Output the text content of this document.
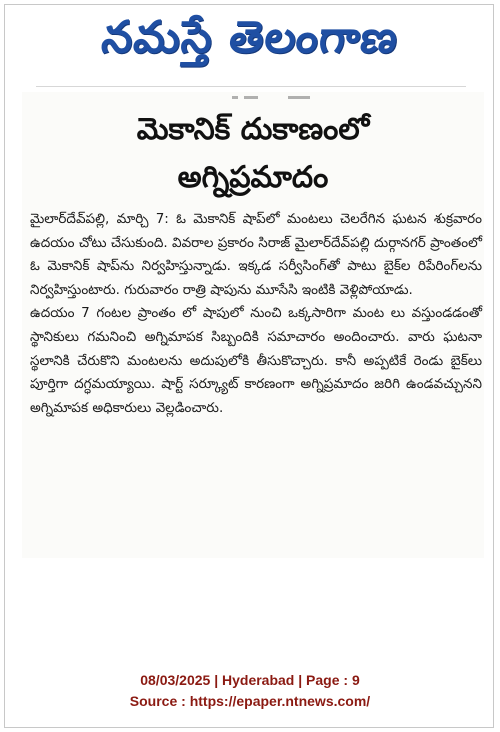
నమస్తే తెలంగాణ
మెకానిక్ దుకాణంలో
అగ్నిప్రమాదం
మైలార్‌దేవ్‌పల్లి, మార్చి 7: ఓ మెకానిక్ షాప్‌లో మంటలు చెలరేగిన ఘటన శుక్రవారం ఉదయం చోటు చేసుకుంది. వివరాల ప్రకారం సిరాజ్ మైలార్‌దేవ్‌పల్లి దుర్గానగర్ ప్రాంతంలో ఓ మెకానిక్ షాప్‌ను నిర్వహిస్తున్నాడు. ఇక్కడ సర్వీసింగ్‌తో పాటు బైక్‌ల రిపేరింగ్‌లను నిర్వహిస్తుంటారు. గురువారం రాత్రి షాపును మూసేసి ఇంటికి వెళ్లిపోయాడు.
ఉదయం 7 గంటల ప్రాంతం లో షాపులో నుంచి ఒక్కసారిగా మంట లు వస్తుండడంతో స్థానికులు గమనించి అగ్నిమాపక సిబ్బందికి సమాచారం అందించారు. వారు ఘటనా స్థలానికి చేరుకొని మంటలను అదుపులోకి తీసుకొచ్చారు. కానీ అప్పటికే రెండు బైక్‌లు పూర్తిగా దగ్ధమయ్యాయి. షార్ట్ సర్క్యూట్ కారణంగా అగ్నిప్రమాదం జరిగి ఉండవచ్చునని అగ్నిమాపక అధికారులు వెల్లడించారు.
08/03/2025 | Hyderabad | Page : 9
Source : https://epaper.ntnews.com/
